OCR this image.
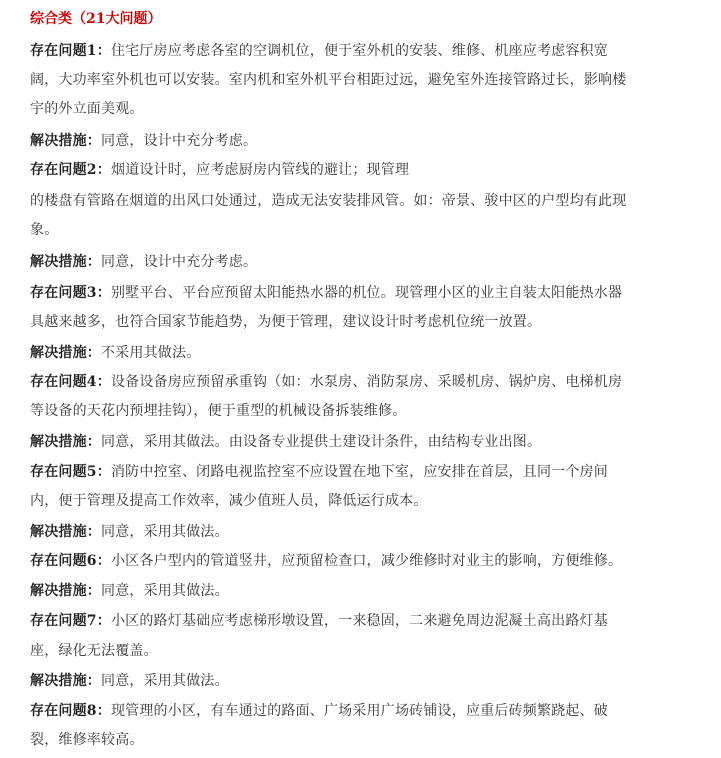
综合类（21大问题）
存在问题1：住宅厅房应考虑各室的空调机位，便于室外机的安装、维修、机座应考虑容积宽
阔，大功率室外机也可以安装。室内机和室外机平台相距过远，避免室外连接管路过长，影响楼
宇的外立面美观。
解决措施：同意，设计中充分考虑。
存在问题2：烟道设计时，应考虑厨房内管线的避让；现管理
的楼盘有管路在烟道的出风口处通过，造成无法安装排风管。如：帝景、骏中区的户型均有此现
象。
解决措施：同意，设计中充分考虑。
存在问题3：别墅平台、平台应预留太阳能热水器的机位。现管理小区的业主自装太阳能热水器
具越来越多，也符合国家节能趋势，为便于管理，建议设计时考虑机位统一放置。
解决措施：不采用其做法。
存在问题4：设备设备房应预留承重钩（如：水泵房、消防泵房、采暖机房、锅炉房、电梯机房
等设备的天花内预埋挂钩），便于重型的机械设备拆装维修。
解决措施：同意，采用其做法。由设备专业提供土建设计条件，由结构专业出图。
存在问题5：消防中控室、闭路电视监控室不应设置在地下室，应安排在首层，且同一个房间
内，便于管理及提高工作效率，减少值班人员，降低运行成本。
解决措施：同意，采用其做法。
存在问题6：小区各户型内的管道竖井，应预留检查口，减少维修时对业主的影响，方便维修。
解决措施：同意，采用其做法。
存在问题7：小区的路灯基础应考虑梯形墩设置，一来稳固，二来避免周边泥凝土高出路灯基
座，绿化无法覆盖。
解决措施：同意，采用其做法。
存在问题8：现管理的小区，有车通过的路面、广场采用广场砖铺设，应重后砖频繁跷起、破
裂，维修率较高。
